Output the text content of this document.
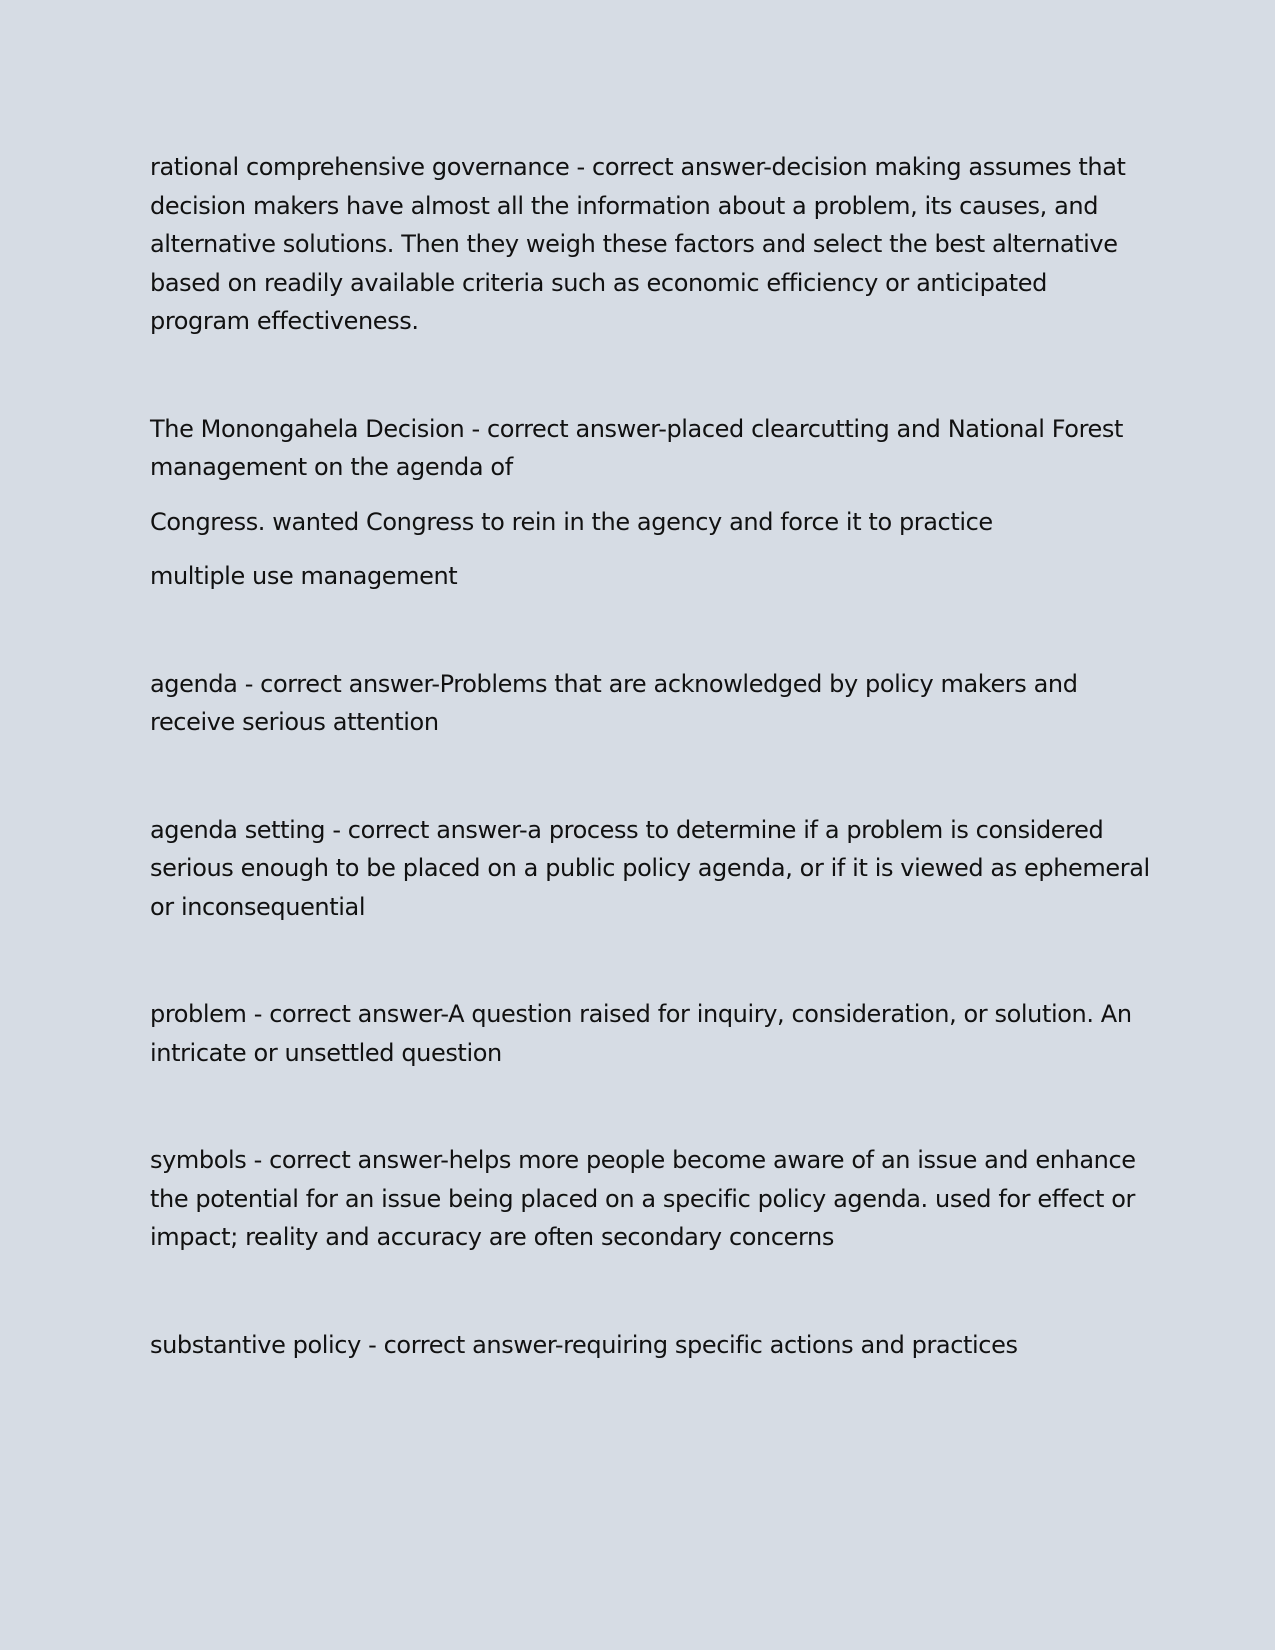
rational comprehensive governance - correct answer-decision making assumes that decision makers have almost all the information about a problem, its causes, and alternative solutions. Then they weigh these factors and select the best alternative based on readily available criteria such as economic efficiency or anticipated program effectiveness.

The Monongahela Decision - correct answer-placed clearcutting and National Forest management on the agenda of

Congress. wanted Congress to rein in the agency and force it to practice

multiple use management

agenda - correct answer-Problems that are acknowledged by policy makers and receive serious attention

agenda setting - correct answer-a process to determine if a problem is considered serious enough to be placed on a public policy agenda, or if it is viewed as ephemeral or inconsequential

problem - correct answer-A question raised for inquiry, consideration, or solution. An intricate or unsettled question

symbols - correct answer-helps more people become aware of an issue and enhance the potential for an issue being placed on a specific policy agenda. used for effect or impact; reality and accuracy are often secondary concerns

substantive policy - correct answer-requiring specific actions and practices
